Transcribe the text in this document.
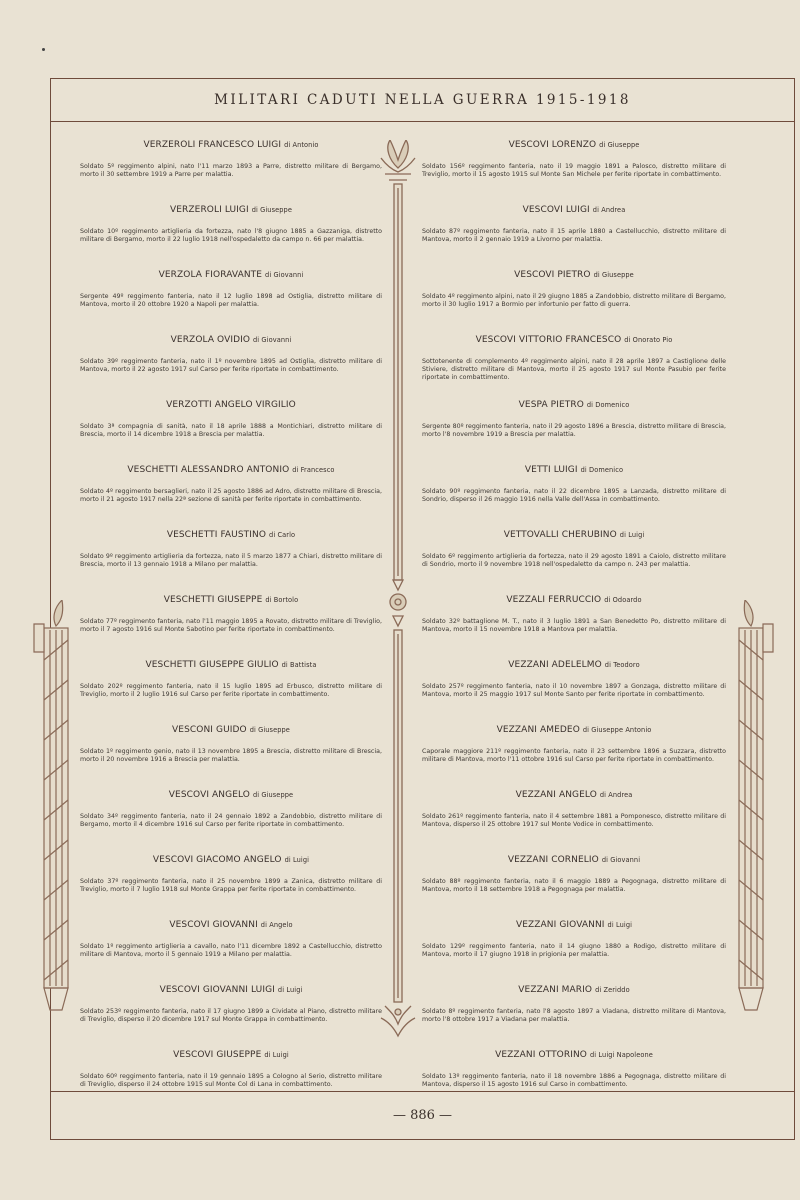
MILITARI CADUTI NELLA GUERRA 1915-1918
— 886 —
VERZEROLI FRANCESCO LUIGI di Antonio
Soldato 5º reggimento alpini, nato l'11 marzo 1893 a Parre, distretto militare di Bergamo, morto il 30 settembre 1919 a Parre per malattia.
VERZEROLI LUIGI di Giuseppe
Soldato 10º reggimento artiglieria da fortezza, nato l'8 giugno 1885 a Gazzaniga, distretto militare di Bergamo, morto il 22 luglio 1918 nell'ospedaletto da campo n. 66 per malattia.
VERZOLA FIORAVANTE di Giovanni
Sergente 49º reggimento fanteria, nato il 12 luglio 1898 ad Ostiglia, distretto militare di Mantova, morto il 20 ottobre 1920 a Napoli per malattia.
VERZOLA OVIDIO di Giovanni
Soldato 39º reggimento fanteria, nato il 1º novembre 1895 ad Ostiglia, distretto militare di Mantova, morto il 22 agosto 1917 sul Carso per ferite riportate in combattimento.
VERZOTTI ANGELO VIRGILIO
Soldato 3ª compagnia di sanità, nato il 18 aprile 1888 a Montichiari, distretto militare di Brescia, morto il 14 dicembre 1918 a Brescia per malattia.
VESCHETTI ALESSANDRO ANTONIO di Francesco
Soldato 4º reggimento bersaglieri, nato il 25 agosto 1886 ad Adro, distretto militare di Brescia, morto il 21 agosto 1917 nella 22ª sezione di sanità per ferite riportate in combattimento.
VESCHETTI FAUSTINO di Carlo
Soldato 9º reggimento artiglieria da fortezza, nato il 5 marzo 1877 a Chiari, distretto militare di Brescia, morto il 13 gennaio 1918 a Milano per malattia.
VESCHETTI GIUSEPPE di Bortolo
Soldato 77º reggimento fanteria, nato l'11 maggio 1895 a Rovato, distretto militare di Treviglio, morto il 7 agosto 1916 sul Monte Sabotino per ferite riportate in combattimento.
VESCHETTI GIUSEPPE GIULIO di Battista
Soldato 202º reggimento fanteria, nato il 15 luglio 1895 ad Erbusco, distretto militare di Treviglio, morto il 2 luglio 1916 sul Carso per ferite riportate in combattimento.
VESCONI GUIDO di Giuseppe
Soldato 1º reggimento genio, nato il 13 novembre 1895 a Brescia, distretto militare di Brescia, morto il 20 novembre 1916 a Brescia per malattia.
VESCOVI ANGELO di Giuseppe
Soldato 34º reggimento fanteria, nato il 24 gennaio 1892 a Zandobbio, distretto militare di Bergamo, morto il 4 dicembre 1916 sul Carso per ferite riportate in combattimento.
VESCOVI GIACOMO ANGELO di Luigi
Soldato 37º reggimento fanteria, nato il 25 novembre 1899 a Zanica, distretto militare di Treviglio, morto il 7 luglio 1918 sul Monte Grappa per ferite riportate in combattimento.
VESCOVI GIOVANNI di Angelo
Soldato 1º reggimento artiglieria a cavallo, nato l'11 dicembre 1892 a Castellucchio, distretto militare di Mantova, morto il 5 gennaio 1919 a Milano per malattia.
VESCOVI GIOVANNI LUIGI di Luigi
Soldato 253º reggimento fanteria, nato il 17 giugno 1899 a Cividate al Piano, distretto militare di Treviglio, disperso il 20 dicembre 1917 sul Monte Grappa in combattimento.
VESCOVI GIUSEPPE di Luigi
Soldato 60º reggimento fanteria, nato il 19 gennaio 1895 a Cologno al Serio, distretto militare di Treviglio, disperso il 24 ottobre 1915 sul Monte Col di Lana in combattimento.
VESCOVI LORENZO di Giuseppe
Soldato 156º reggimento fanteria, nato il 19 maggio 1891 a Palosco, distretto militare di Treviglio, morto il 15 agosto 1915 sul Monte San Michele per ferite riportate in combattimento.
VESCOVI LUIGI di Andrea
Soldato 87º reggimento fanteria, nato il 15 aprile 1880 a Castellucchio, distretto militare di Mantova, morto il 2 gennaio 1919 a Livorno per malattia.
VESCOVI PIETRO di Giuseppe
Soldato 4º reggimento alpini, nato il 29 giugno 1885 a Zandobbio, distretto militare di Bergamo, morto il 30 luglio 1917 a Bormio per infortunio per fatto di guerra.
VESCOVI VITTORIO FRANCESCO di Onorato Pio
Sottotenente di complemento 4º reggimento alpini, nato il 28 aprile 1897 a Castiglione delle Stiviere, distretto militare di Mantova, morto il 25 agosto 1917 sul Monte Pasubio per ferite riportate in combattimento.
VESPA PIETRO di Domenico
Sergente 80º reggimento fanteria, nato il 29 agosto 1896 a Brescia, distretto militare di Brescia, morto l'8 novembre 1919 a Brescia per malattia.
VETTI LUIGI di Domenico
Soldato 90º reggimento fanteria, nato il 22 dicembre 1895 a Lanzada, distretto militare di Sondrio, disperso il 26 maggio 1916 nella Valle dell'Assa in combattimento.
VETTOVALLI CHERUBINO di Luigi
Soldato 6º reggimento artiglieria da fortezza, nato il 29 agosto 1891 a Caiolo, distretto militare di Sondrio, morto il 9 novembre 1918 nell'ospedaletto da campo n. 243 per malattia.
VEZZALI FERRUCCIO di Odoardo
Soldato 32º battaglione M. T., nato il 3 luglio 1891 a San Benedetto Po, distretto militare di Mantova, morto il 15 novembre 1918 a Mantova per malattia.
VEZZANI ADELELMO di Teodoro
Soldato 257º reggimento fanteria, nato il 10 novembre 1897 a Gonzaga, distretto militare di Mantova, morto il 25 maggio 1917 sul Monte Santo per ferite riportate in combattimento.
VEZZANI AMEDEO di Giuseppe Antonio
Caporale maggiore 211º reggimento fanteria, nato il 23 settembre 1896 a Suzzara, distretto militare di Mantova, morto l'11 ottobre 1916 sul Carso per ferite riportate in combattimento.
VEZZANI ANGELO di Andrea
Soldato 261º reggimento fanteria, nato il 4 settembre 1881 a Pomponesco, distretto militare di Mantova, disperso il 25 ottobre 1917 sul Monte Vodice in combattimento.
VEZZANI CORNELIO di Giovanni
Soldato 88º reggimento fanteria, nato il 6 maggio 1889 a Pegognaga, distretto militare di Mantova, morto il 18 settembre 1918 a Pegognaga per malattia.
VEZZANI GIOVANNI di Luigi
Soldato 129º reggimento fanteria, nato il 14 giugno 1880 a Rodigo, distretto militare di Mantova, morto il 17 giugno 1918 in prigionia per malattia.
VEZZANI MARIO di Zeriddo
Soldato 8º reggimento fanteria, nato l'8 agosto 1897 a Viadana, distretto militare di Mantova, morto l'8 ottobre 1917 a Viadana per malattia.
VEZZANI OTTORINO di Luigi Napoleone
Soldato 13º reggimento fanteria, nato il 18 novembre 1886 a Pegognaga, distretto militare di Mantova, disperso il 15 agosto 1916 sul Carso in combattimento.
